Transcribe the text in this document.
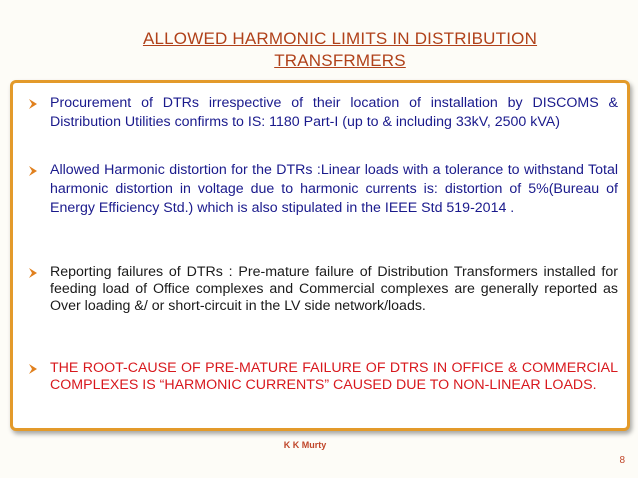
ALLOWED HARMONIC LIMITS IN DISTRIBUTION
TRANSFRMERS
Procurement of DTRs irrespective of their location of installation by DISCOMS & Distribution Utilities confirms to IS: 1180 Part-I (up to & including 33kV, 2500 kVA)
Allowed Harmonic distortion for the DTRs :Linear loads with a tolerance to withstand Total harmonic distortion in voltage due to harmonic currents is: distortion of 5%(Bureau of Energy Efficiency Std.) which is also stipulated in the IEEE Std 519-2014 .
Reporting failures of DTRs : Pre-mature failure of Distribution Transformers installed for feeding load of Office complexes and Commercial complexes are generally reported as Over loading &/ or short-circuit in the LV side network/loads.
THE ROOT-CAUSE OF PRE-MATURE FAILURE OF DTRS IN OFFICE & COMMERCIAL COMPLEXES IS “HARMONIC CURRENTS” CAUSED DUE TO NON-LINEAR LOADS.
K K Murty
8
